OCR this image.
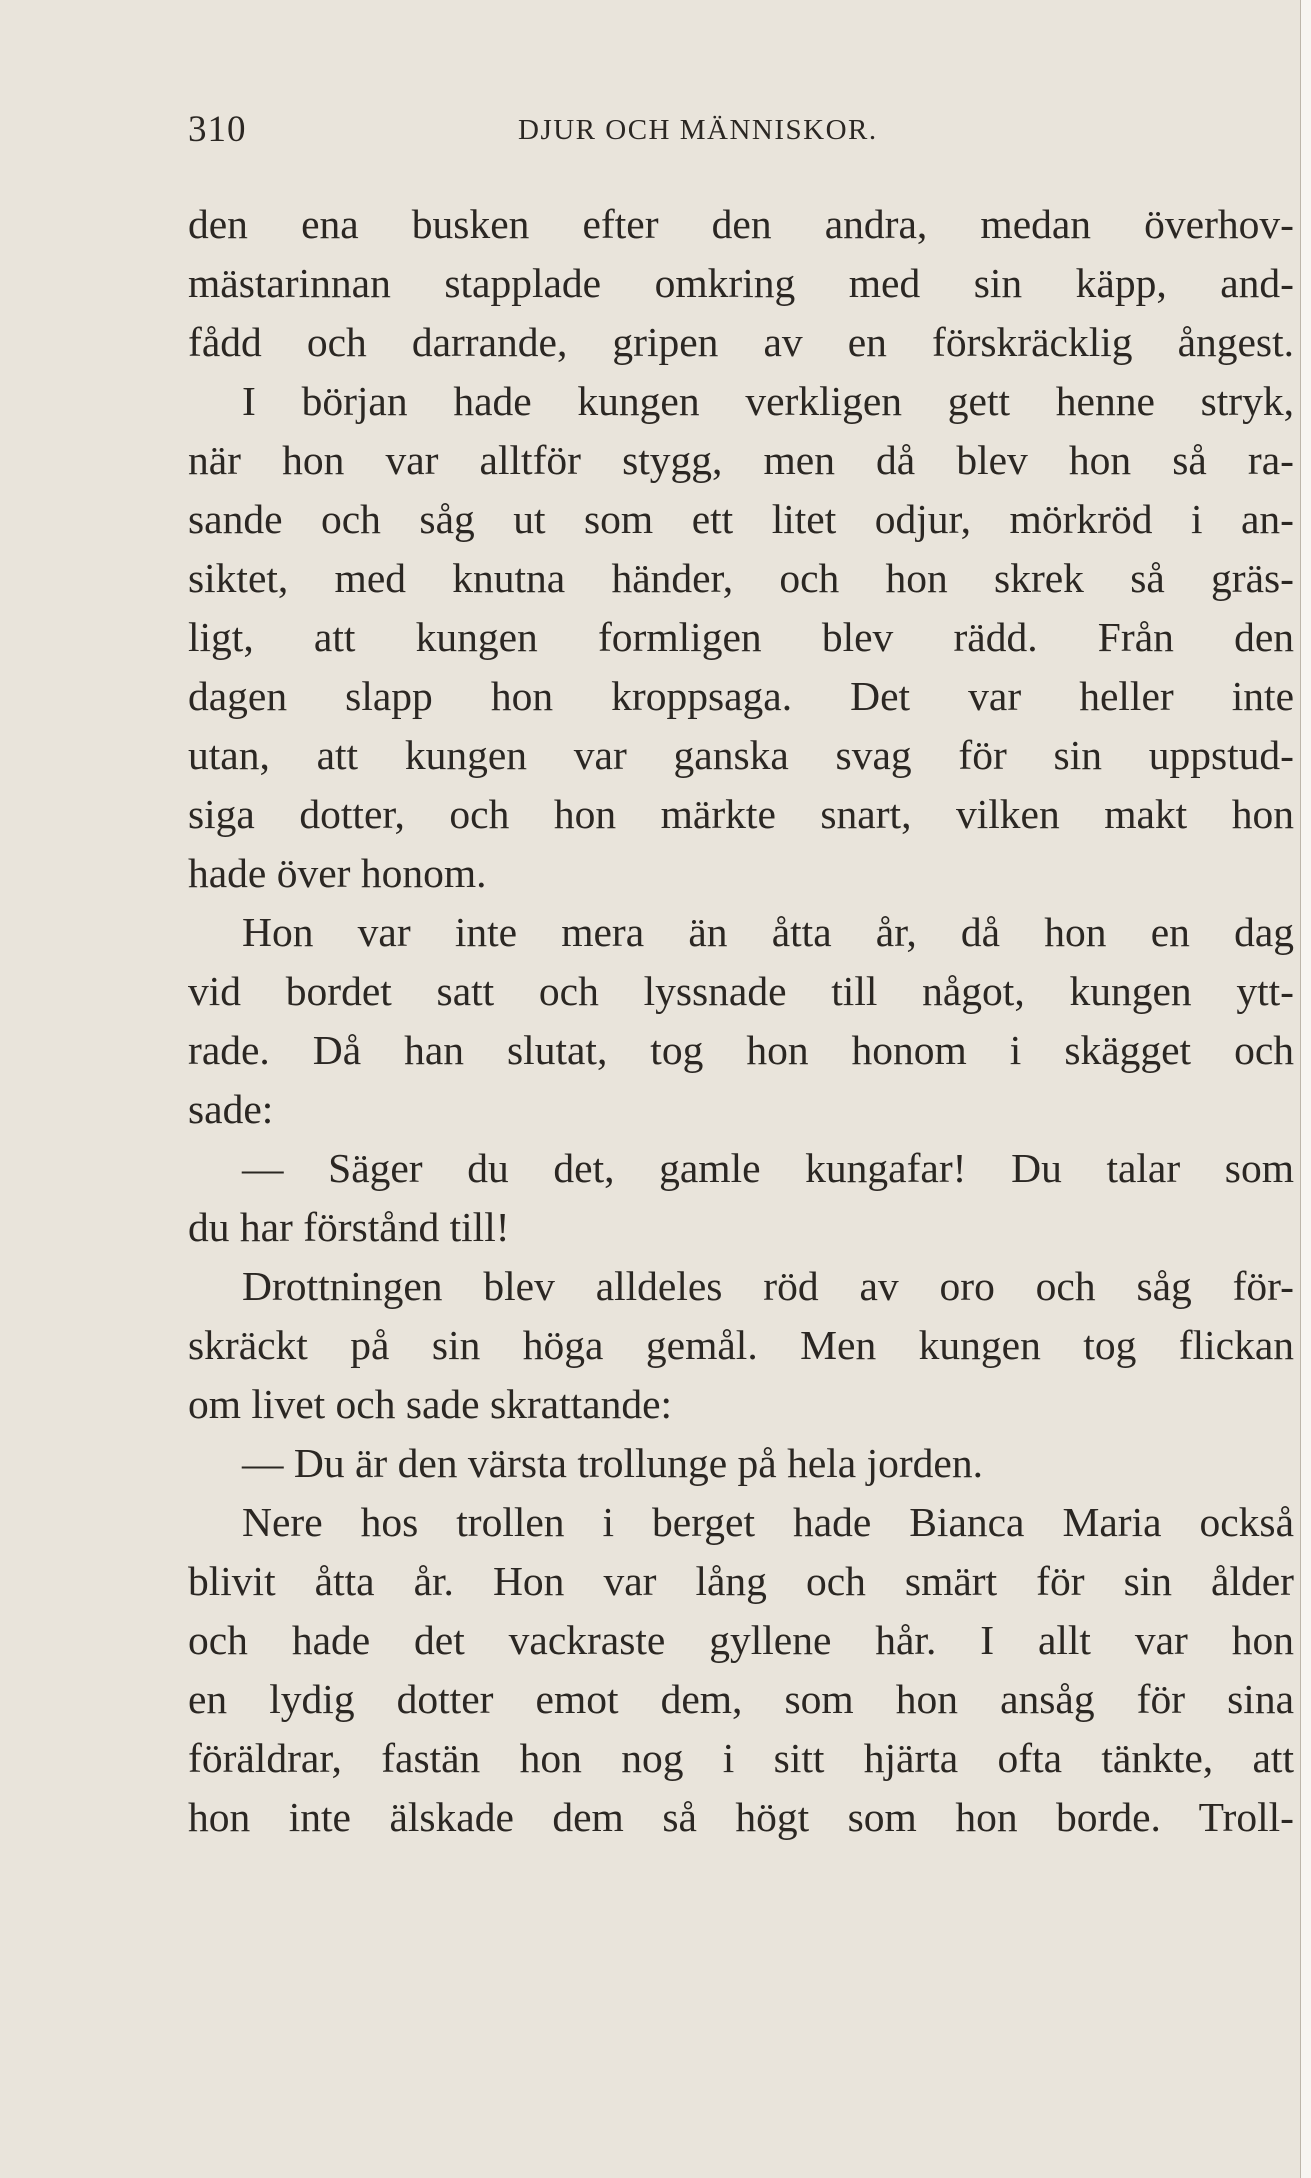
310	DJUR OCH MÄNNISKOR.
den ena busken efter den andra, medan överhov-
mästarinnan stapplade omkring med sin käpp, and-
fådd och darrande, gripen av en förskräcklig ångest.
I början hade kungen verkligen gett henne stryk,
när hon var alltför stygg, men då blev hon så ra-
sande och såg ut som ett litet odjur, mörkröd i an-
siktet, med knutna händer, och hon skrek så gräs-
ligt, att kungen formligen blev rädd. Från den
dagen slapp hon kroppsaga. Det var heller inte
utan, att kungen var ganska svag för sin uppstud-
siga dotter, och hon märkte snart, vilken makt hon
hade över honom.
Hon var inte mera än åtta år, då hon en dag
vid bordet satt och lyssnade till något, kungen ytt-
rade. Då han slutat, tog hon honom i skägget och
sade:
— Säger du det, gamle kungafar! Du talar som
du har förstånd till!
Drottningen blev alldeles röd av oro och såg för-
skräckt på sin höga gemål. Men kungen tog flickan
om livet och sade skrattande:
— Du är den värsta trollunge på hela jorden.
Nere hos trollen i berget hade Bianca Maria också
blivit åtta år. Hon var lång och smärt för sin ålder
och hade det vackraste gyllene hår. I allt var hon
en lydig dotter emot dem, som hon ansåg för sina
föräldrar, fastän hon nog i sitt hjärta ofta tänkte, att
hon inte älskade dem så högt som hon borde. Troll-
